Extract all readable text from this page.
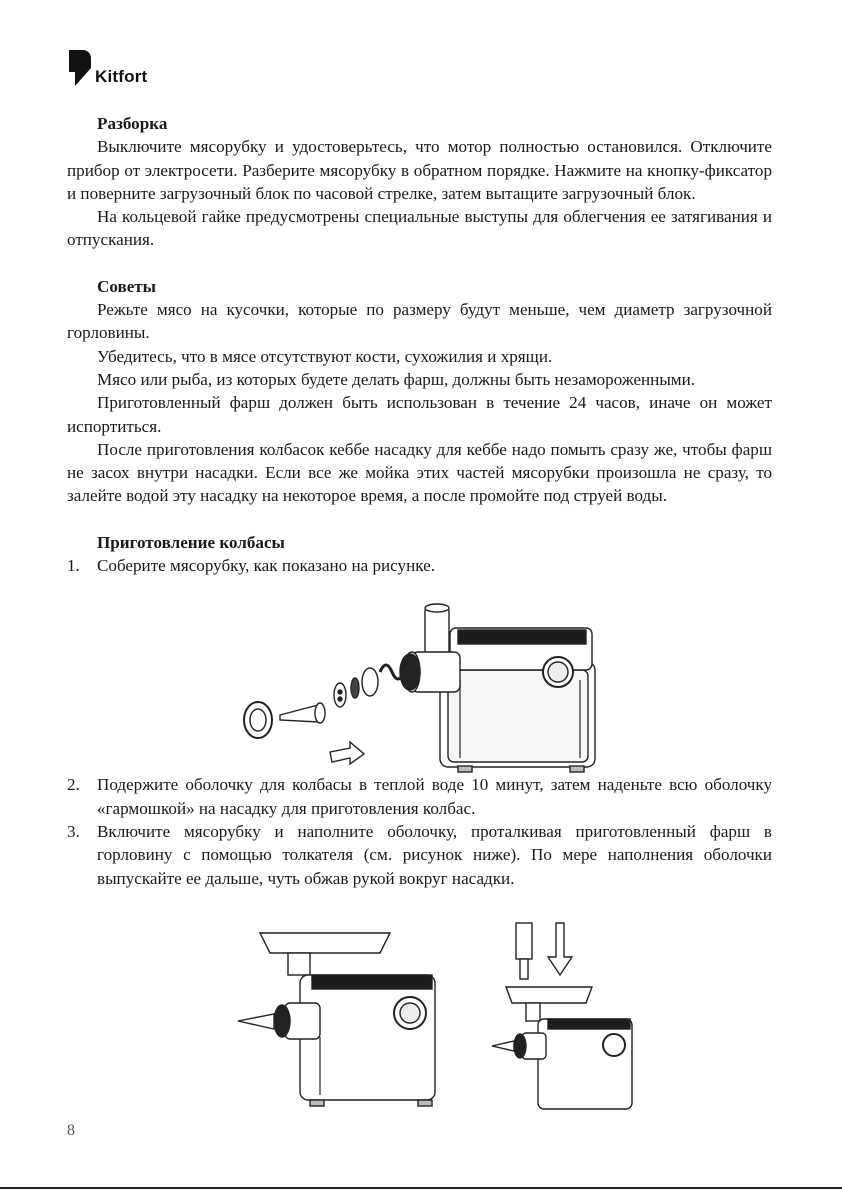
Kitfort

Разборка

Выключите мясорубку и удостоверьтесь, что мотор полностью остановился. Отключите прибор от электросети. Разберите мясорубку в обратном порядке. Нажмите на кнопку-фиксатор и поверните загрузочный блок по часовой стрелке, затем вытащите загрузочный блок.

На кольцевой гайке предусмотрены специальные выступы для облегчения ее затягивания и отпускания.

Советы

Режьте мясо на кусочки, которые по размеру будут меньше, чем диаметр загрузочной горловины.

Убедитесь, что в мясе отсутствуют кости, сухожилия и хрящи.

Мясо или рыба, из которых будете делать фарш, должны быть незамороженными.

Приготовленный фарш должен быть использован в течение 24 часов, иначе он может испортиться.

После приготовления колбасок кеббе насадку для кеббе надо помыть сразу же, чтобы фарш не засох внутри насадки. Если все же мойка этих частей мясорубки произошла не сразу, то залейте водой эту насадку на некоторое время, а после промойте под струей воды.

Приготовление колбасы

1.	Соберите мясорубку, как показано на рисунке.
2.	Подержите оболочку для колбасы в теплой воде 10 минут, затем наденьте всю оболочку «гармошкой» на насадку для приготовления колбас.
3.	Включите мясорубку и наполните оболочку, проталкивая приготовленный фарш в горловину с помощью толкателя (см. рисунок ниже). По мере наполнения оболочки выпускайте ее дальше, чуть обжав рукой вокруг насадки.
8
